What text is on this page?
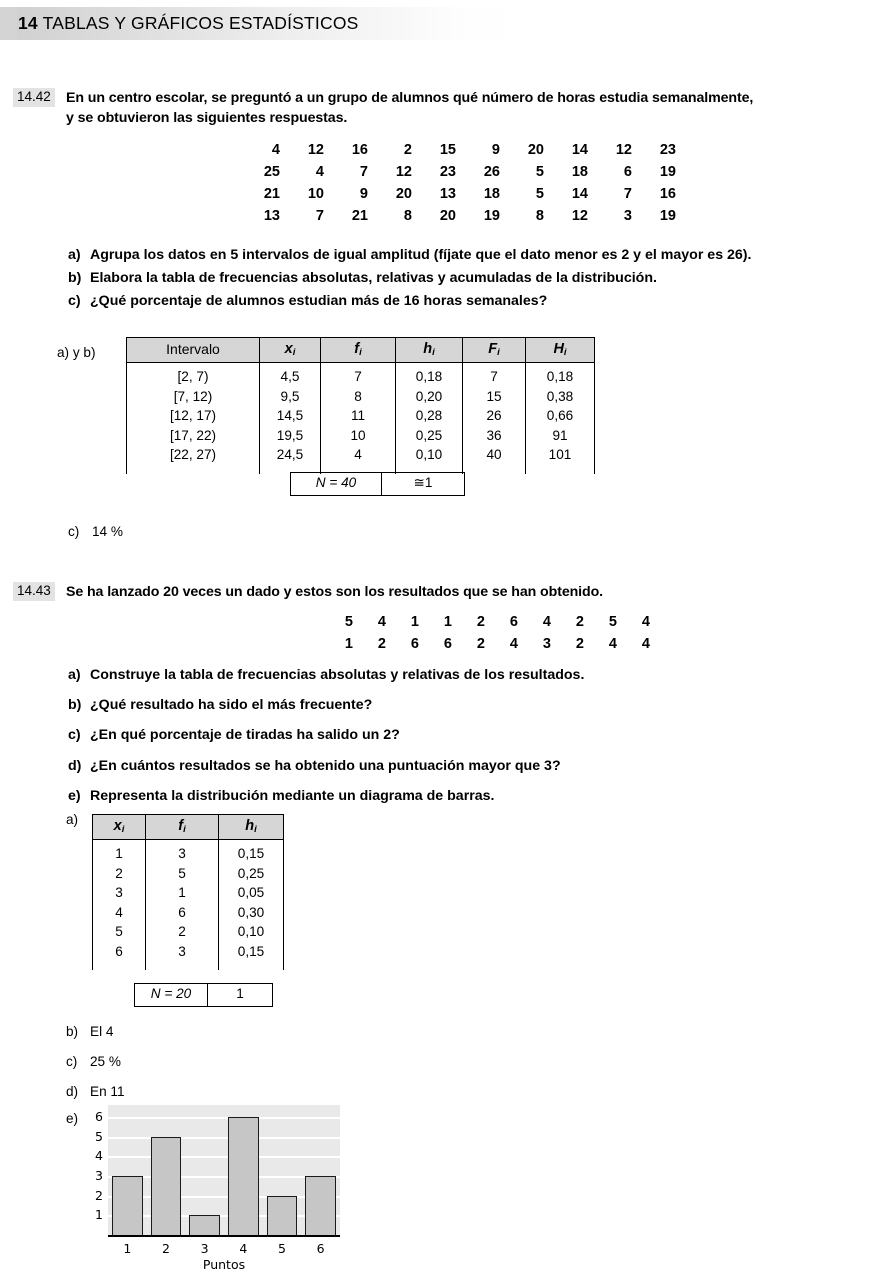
14 TABLAS Y GRÁFICOS ESTADÍSTICOS
14.42 En un centro escolar, se preguntó a un grupo de alumnos qué número de horas estudia semanalmente,
y se obtuvieron las siguientes respuestas.
4	12	16	2	15	9	20	14	12	23
25	4	7	12	23	26	5	18	6	19
21	10	9	20	13	18	5	14	7	16
13	7	21	8	20	19	8	12	3	19
a) Agrupa los datos en 5 intervalos de igual amplitud (fíjate que el dato menor es 2 y el mayor es 26).
b) Elabora la tabla de frecuencias absolutas, relativas y acumuladas de la distribución.
c) ¿Qué porcentaje de alumnos estudian más de 16 horas semanales?
a) y b)	Intervalo	xi	fi	hi	Fi	Hi
[2, 7)	4,5	7	0,18	7	0,18
[7, 12)	9,5	8	0,20	15	0,38
[12, 17)	14,5	11	0,28	26	0,66
[17, 22)	19,5	10	0,25	36	91
[22, 27)	24,5	4	0,10	40	101
N = 40	≅1
c) 14 %
14.43 Se ha lanzado 20 veces un dado y estos son los resultados que se han obtenido.
5	4	1	1	2	6	4	2	5	4
1	2	6	6	2	4	3	2	4	4
a) Construye la tabla de frecuencias absolutas y relativas de los resultados.
b) ¿Qué resultado ha sido el más frecuente?
c) ¿En qué porcentaje de tiradas ha salido un 2?
d) ¿En cuántos resultados se ha obtenido una puntuación mayor que 3?
e) Representa la distribución mediante un diagrama de barras.
a) xi	fi	hi
1	3	0,15
2	5	0,25
3	1	0,05
4	6	0,30
5	2	0,10
6	3	0,15
N = 20	1
b) El 4
c) 25 %
d) En 11
e)
1
2
3
4
5
6
1	2	3	4	5	6
Puntos
